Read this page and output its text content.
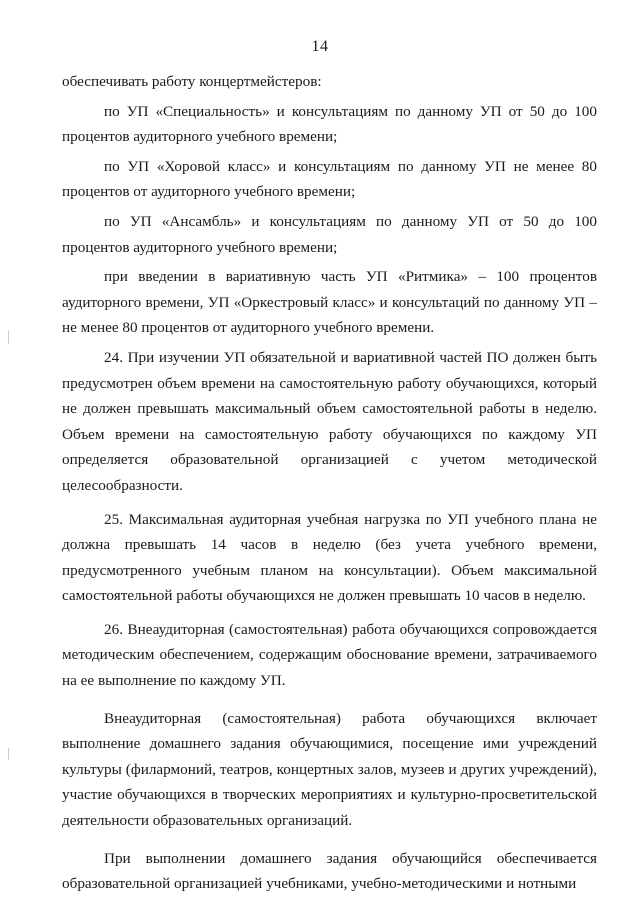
14

обеспечивать работу концертмейстеров:

по УП «Специальность» и консультациям по данному УП от 50 до 100 процентов аудиторного учебного времени;

по УП «Хоровой класс» и консультациям по данному УП не менее 80 процентов от аудиторного учебного времени;

по УП «Ансамбль» и консультациям по данному УП от 50 до 100 процентов аудиторного учебного времени;

при введении в вариативную часть УП «Ритмика» – 100 процентов аудиторного времени, УП «Оркестровый класс» и консультаций по данному УП – не менее 80 процентов от аудиторного учебного времени.

24. При изучении УП обязательной и вариативной частей ПО должен быть предусмотрен объем времени на самостоятельную работу обучающихся, который не должен превышать максимальный объем самостоятельной работы в неделю. Объем времени на самостоятельную работу обучающихся по каждому УП определяется образовательной организацией с учетом методической целесообразности.

25. Максимальная аудиторная учебная нагрузка по УП учебного плана не должна превышать 14 часов в неделю (без учета учебного времени, предусмотренного учебным планом на консультации). Объем максимальной самостоятельной работы обучающихся не должен превышать 10 часов в неделю.

26. Внеаудиторная (самостоятельная) работа обучающихся сопровождается методическим обеспечением, содержащим обоснование времени, затрачиваемого на ее выполнение по каждому УП.

Внеаудиторная (самостоятельная) работа обучающихся включает выполнение домашнего задания обучающимися, посещение ими учреждений культуры (филармоний, театров, концертных залов, музеев и других учреждений), участие обучающихся в творческих мероприятиях и культурно-просветительской деятельности образовательных организаций.

При выполнении домашнего задания обучающийся обеспечивается образовательной организацией учебниками, учебно-методическими и нотными
